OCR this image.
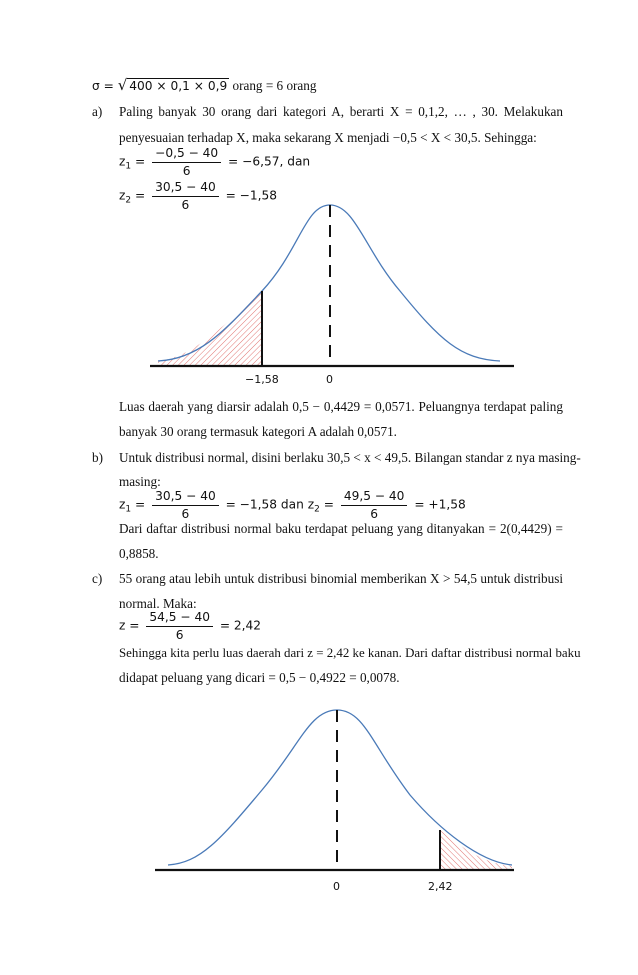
σ = √ 400 × 0,1 × 0,9 orang = 6 orang
a) Paling banyak 30 orang dari kategori A, berarti X = 0,1,2, … , 30. Melakukan
penyesuaian terhadap X, maka sekarang X menjadi −0,5 < X < 30,5. Sehingga:
$z_1 = \frac{-0,5 - 40}{6} = -6,57$, dan
$z_2 = \frac{30,5 - 40}{6} = -1,58$
−1,58	0
Luas daerah yang diarsir adalah 0,5 − 0,4429 = 0,0571. Peluangnya terdapat paling
banyak 30 orang termasuk kategori A adalah 0,0571.
b) Untuk distribusi normal, disini berlaku 30,5 < x < 49,5. Bilangan standar z nya masing-
masing:
$z_1 = \frac{30,5 - 40}{6} = -1,58$ dan $z_2 = \frac{49,5 - 40}{6} = +1,58$
Dari daftar distribusi normal baku terdapat peluang yang ditanyakan = 2(0,4429) =
0,8858.
c) 55 orang atau lebih untuk distribusi binomial memberikan X > 54,5 untuk distribusi
normal. Maka:
$z = \frac{54,5 - 40}{6} = 2,42$
Sehingga kita perlu luas daerah dari z = 2,42 ke kanan. Dari daftar distribusi normal baku
didapat peluang yang dicari = 0,5 − 0,4922 = 0,0078.
0	2,42
